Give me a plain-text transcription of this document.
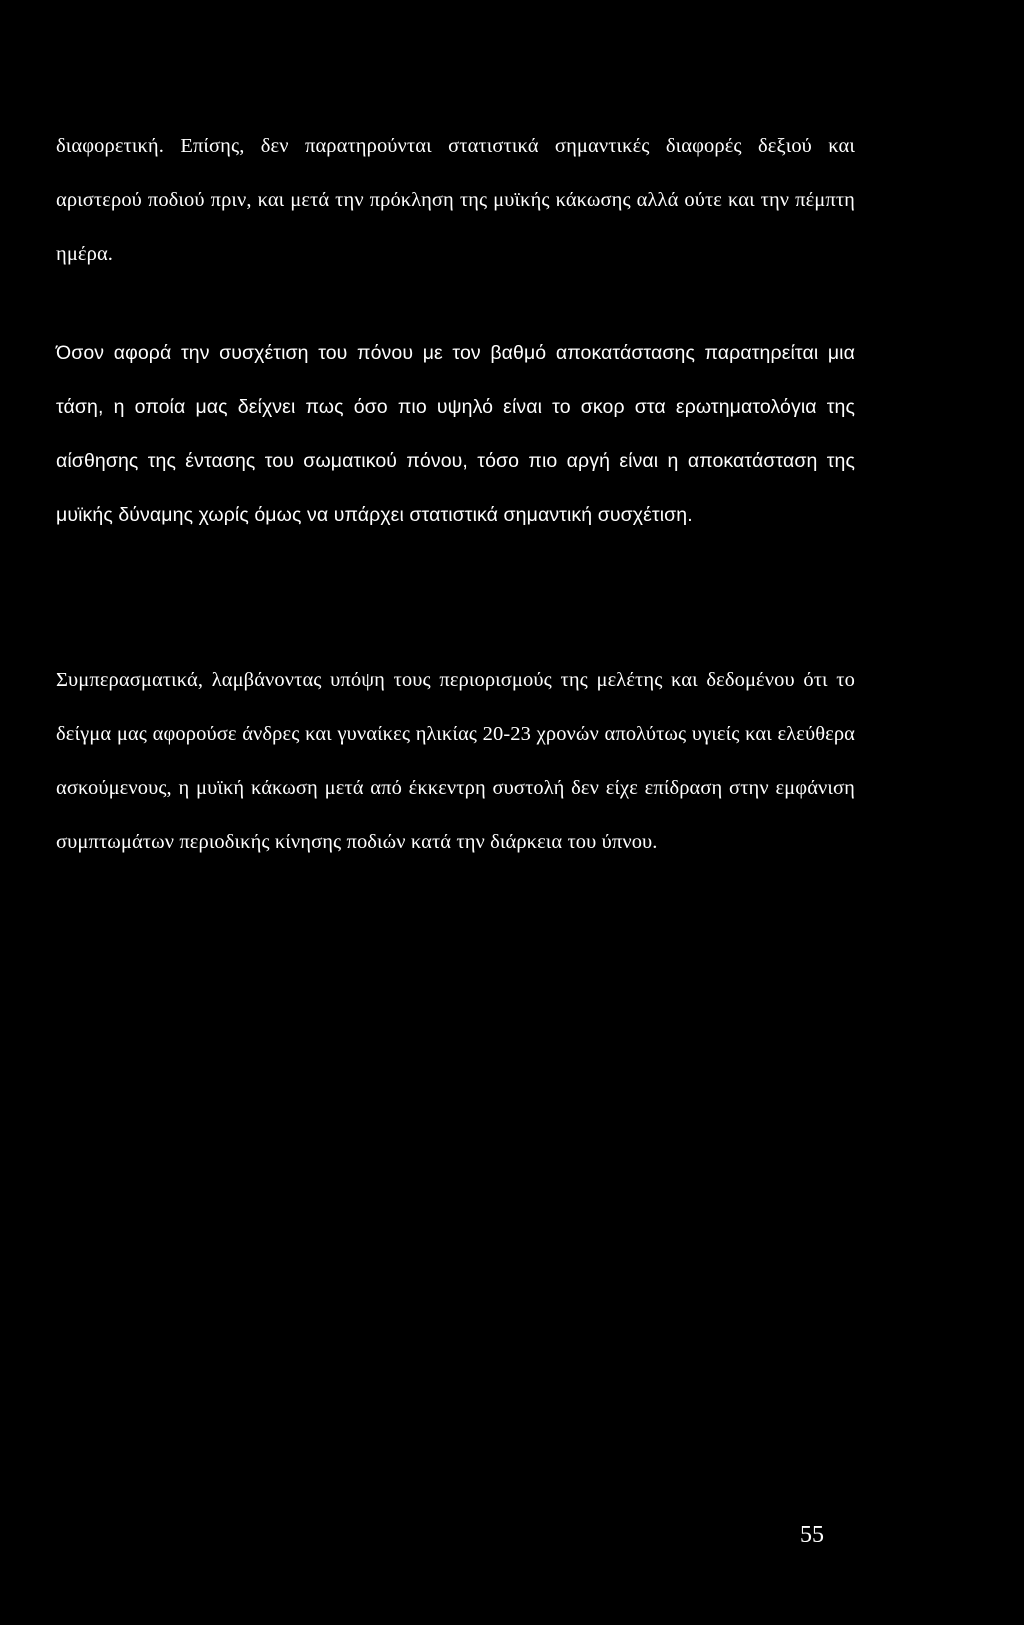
διαφορετική. Επίσης, δεν παρατηρούνται στατιστικά σημαντικές διαφορές δεξιού και αριστερού ποδιού πριν, και μετά την πρόκληση της μυϊκής κάκωσης αλλά ούτε και την πέμπτη ημέρα.

Όσον αφορά την συσχέτιση του πόνου με τον βαθμό αποκατάστασης παρατηρείται μια τάση, η οποία μας δείχνει πως όσο πιο υψηλό είναι το σκορ στα ερωτηματολόγια της αίσθησης της έντασης του σωματικού πόνου, τόσο πιο αργή είναι η αποκατάσταση της μυϊκής δύναμης χωρίς όμως να υπάρχει στατιστικά σημαντική συσχέτιση.

Συμπερασματικά, λαμβάνοντας υπόψη τους περιορισμούς της μελέτης και δεδομένου ότι το δείγμα μας αφορούσε άνδρες και γυναίκες ηλικίας 20-23 χρονών απολύτως υγιείς και ελεύθερα ασκούμενους, η μυϊκή κάκωση μετά από έκκεντρη συστολή δεν είχε επίδραση στην εμφάνιση συμπτωμάτων περιοδικής κίνησης ποδιών κατά την διάρκεια του ύπνου.

55
